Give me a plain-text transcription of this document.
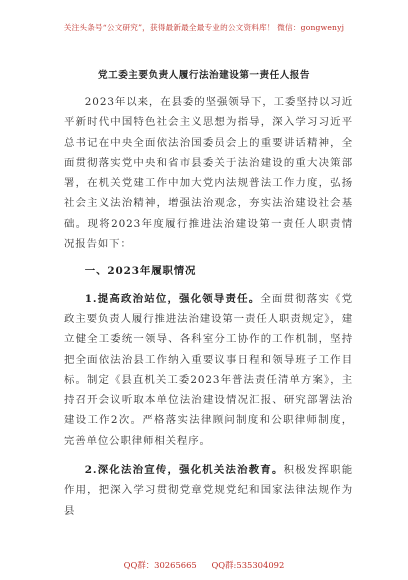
关注头条号“公文研究”，获得最新最全最专业的公文资料库！ 微信：gongwenyj
党工委主要负责人履行法治建设第一责任人报告

2023年以来，在县委的坚强领导下，工委坚持以习近平新时代中国特色社会主义思想为指导，深入学习习近平总书记在中央全面依法治国委员会上的重要讲话精神，全面贯彻落实党中央和省市县委关于法治建设的重大决策部署，在机关党建工作中加大党内法规普法工作力度，弘扬社会主义法治精神，增强法治观念，夯实法治建设社会基础。现将2023年度履行推进法治建设第一责任人职责情况报告如下：

一、2023年履职情况

1.提高政治站位，强化领导责任。全面贯彻落实《党政主要负责人履行推进法治建设第一责任人职责规定》，建立健全工委统一领导、各科室分工协作的工作机制，坚持把全面依法治县工作纳入重要议事日程和领导班子工作目标。制定《县直机关工委2023年普法责任清单方案》，主持召开会议听取本单位法治建设情况汇报、研究部署法治建设工作2次。严格落实法律顾问制度和公职律师制度，完善单位公职律师相关程序。

2.深化法治宣传，强化机关法治教育。积极发挥职能作用，把深入学习贯彻党章党规党纪和国家法律法规作为县

QQ群：30265665 QQ群:535304092
